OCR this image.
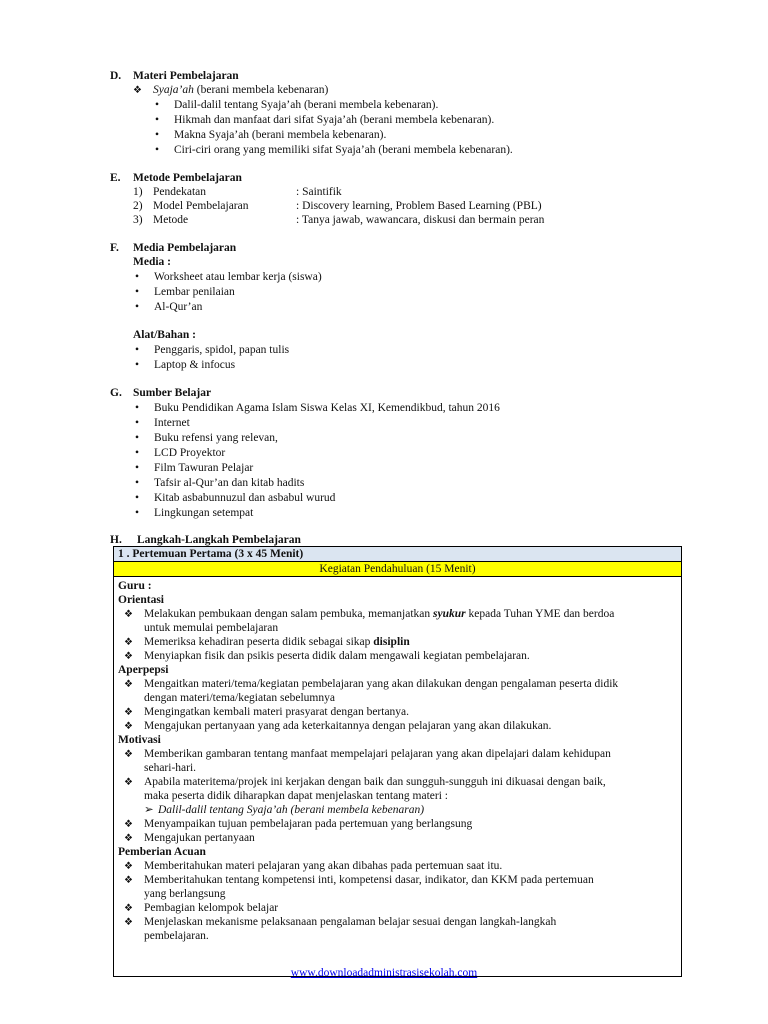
D. Materi Pembelajaran
❖ Syaja’ah (berani membela kebenaran)
• Dalil-dalil tentang Syaja’ah (berani membela kebenaran).
• Hikmah dan manfaat dari sifat Syaja’ah (berani membela kebenaran).
• Makna Syaja’ah (berani membela kebenaran).
• Ciri-ciri orang yang memiliki sifat Syaja’ah (berani membela kebenaran).
E. Metode Pembelajaran
1) Pendekatan	: Saintifik
2) Model Pembelajaran	: Discovery learning, Problem Based Learning (PBL)
3) Metode	: Tanya jawab, wawancara, diskusi dan bermain peran
F. Media Pembelajaran
Media :
• Worksheet atau lembar kerja (siswa)
• Lembar penilaian
• Al-Qur’an
Alat/Bahan :
• Penggaris, spidol, papan tulis
• Laptop & infocus
G. Sumber Belajar
• Buku Pendidikan Agama Islam Siswa Kelas XI, Kemendikbud, tahun 2016
• Internet
• Buku refensi yang relevan,
• LCD Proyektor
• Film Tawuran Pelajar
• Tafsir al-Qur’an dan kitab hadits
• Kitab asbabunnuzul dan asbabul wurud
• Lingkungan setempat
H. Langkah-Langkah Pembelajaran
1 . Pertemuan Pertama (3 x 45 Menit)
Kegiatan Pendahuluan (15 Menit)

Guru :
Orientasi
❖ Melakukan pembukaan dengan salam pembuka, memanjatkan syukur kepada Tuhan YME dan berdoa
untuk memulai pembelajaran
❖ Memeriksa kehadiran peserta didik sebagai sikap disiplin
❖ Menyiapkan fisik dan psikis peserta didik dalam mengawali kegiatan pembelajaran.
Aperpepsi
❖ Mengaitkan materi/tema/kegiatan pembelajaran yang akan dilakukan dengan pengalaman peserta didik
dengan materi/tema/kegiatan sebelumnya
❖ Mengingatkan kembali materi prasyarat dengan bertanya.
❖ Mengajukan pertanyaan yang ada keterkaitannya dengan pelajaran yang akan dilakukan.
Motivasi
❖ Memberikan gambaran tentang manfaat mempelajari pelajaran yang akan dipelajari dalam kehidupan
sehari-hari.
❖ Apabila materitema/projek ini kerjakan dengan baik dan sungguh-sungguh ini dikuasai dengan baik,
maka peserta didik diharapkan dapat menjelaskan tentang materi :
➢ Dalil-dalil tentang Syaja’ah (berani membela kebenaran)
❖ Menyampaikan tujuan pembelajaran pada pertemuan yang berlangsung
❖ Mengajukan pertanyaan
Pemberian Acuan
❖ Memberitahukan materi pelajaran yang akan dibahas pada pertemuan saat itu.
❖ Memberitahukan tentang kompetensi inti, kompetensi dasar, indikator, dan KKM pada pertemuan
yang berlangsung
❖ Pembagian kelompok belajar
❖ Menjelaskan mekanisme pelaksanaan pengalaman belajar sesuai dengan langkah-langkah
pembelajaran.
www.downloadadministrasisekolah.com
